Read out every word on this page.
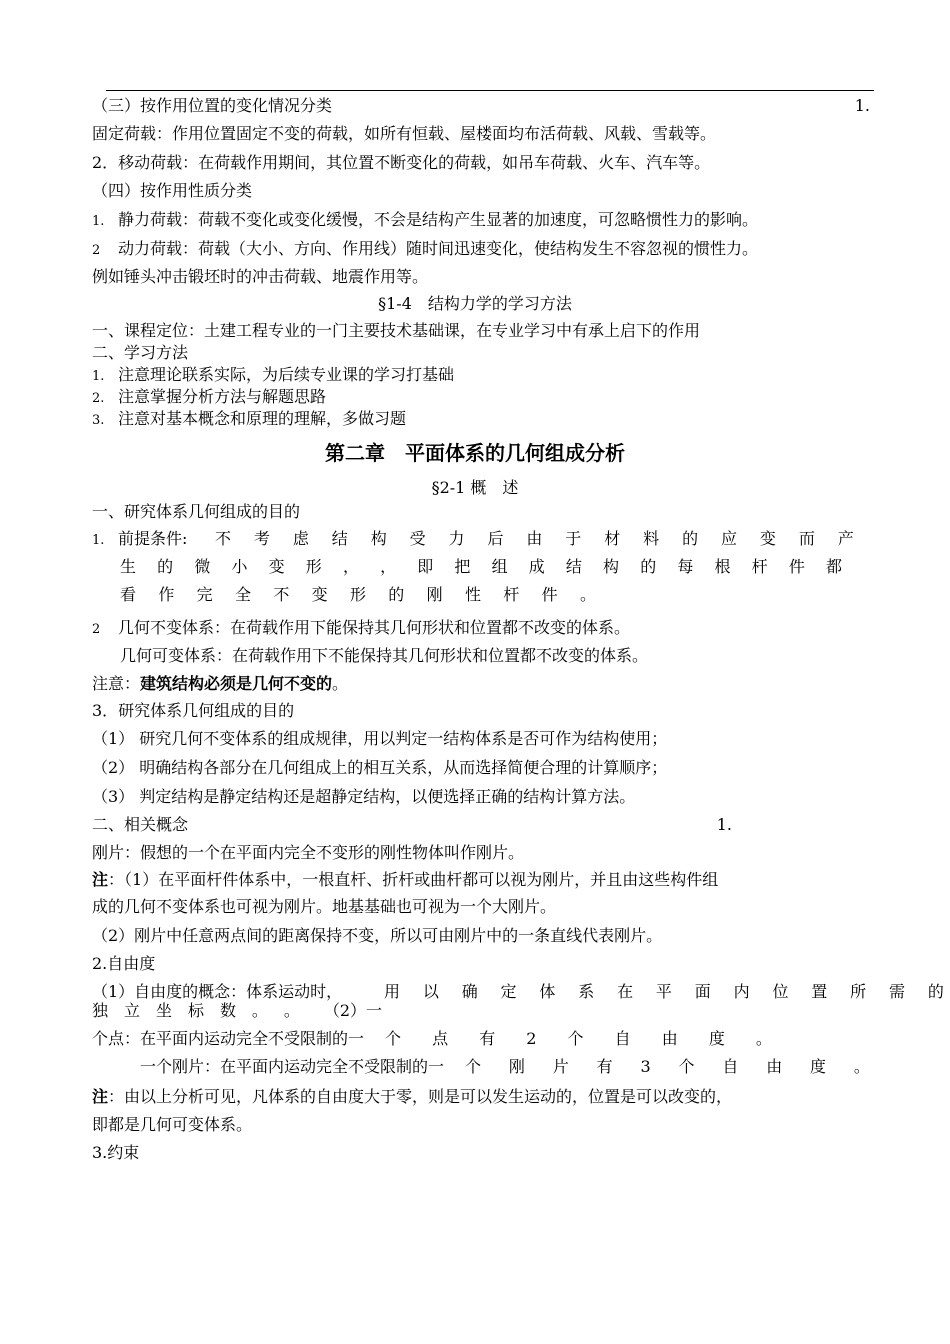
（三）按作用位置的变化情况分类	1.
固定荷载：作用位置固定不变的荷载，如所有恒载、屋楼面均布活荷载、风载、雪载等。
2．移动荷载：在荷载作用期间，其位置不断变化的荷载，如吊车荷载、火车、汽车等。
（四）按作用性质分类
1. 静力荷载：荷载不变化或变化缓慢，不会是结构产生显著的加速度，可忽略惯性力的影响。
2 动力荷载：荷载（大小、方向、作用线）随时间迅速变化，使结构发生不容忽视的惯性力。
例如锤头冲击锻坯时的冲击荷载、地震作用等。
§1-4　结构力学的学习方法
一、课程定位：土建工程专业的一门主要技术基础课，在专业学习中有承上启下的作用
二、学习方法
1. 注意理论联系实际，为后续专业课的学习打基础
2. 注意掌握分析方法与解题思路
3. 注意对基本概念和原理的理解，多做习题
第二章　平面体系的几何组成分析
§2-1 概　述
一、研究体系几何组成的目的
1. 前提条件: 不 考 虑 结 构 受 力 后 由 于 材 料 的 应 变 而 产
生 的 微 小 变 形 ， ， 即 把 组 成 结 构 的 每 根 杆 件 都
看 作 完 全 不 变 形 的 刚 性 杆 件 。
2 几何不变体系：在荷载作用下能保持其几何形状和位置都不改变的体系。
几何可变体系：在荷载作用下不能保持其几何形状和位置都不改变的体系。
注意：建筑结构必须是几何不变的。
3．研究体系几何组成的目的
（1） 研究几何不变体系的组成规律，用以判定一结构体系是否可作为结构使用；
（2） 明确结构各部分在几何组成上的相互关系，从而选择简便合理的计算顺序；
（3） 判定结构是静定结构还是超静定结构，以便选择正确的结构计算方法。
二、相关概念	1.
刚片：假想的一个在平面内完全不变形的刚性物体叫作刚片。
注：（1）在平面杆件体系中，一根直杆、折杆或曲杆都可以视为刚片，并且由这些构件组
成的几何不变体系也可视为刚片。地基基础也可视为一个大刚片。
（2）刚片中任意两点间的距离保持不变，所以可由刚片中的一条直线代表刚片。
2.自由度
（1）自由度的概念：体系运动时，	用 以 确 定 体 系 在 平 面 内 位 置 所 需 的
独 立 坐 标 数 。 。 （2）一
个点：在平面内运动完全不受限制的一 个 点 有 2 个 自 由 度 。
一个刚片：在平面内运动完全不受限制的一 个 刚 片 有 3 个 自 由 度 。
注：由以上分析可见，凡体系的自由度大于零，则是可以发生运动的，位置是可以改变的，
即都是几何可变体系。
3.约束
